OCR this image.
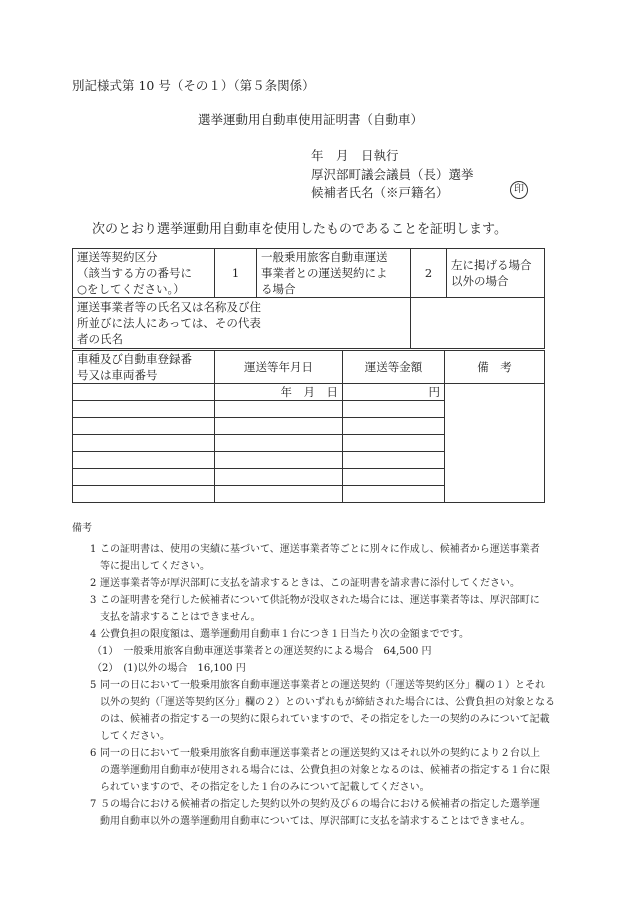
別記様式第 10 号（その１）（第５条関係）
選挙運動用自動車使用証明書（自動車）
年　月　日執行
厚沢部町議会議員（長）選挙
候補者氏名（※戸籍名）	印
次のとおり選挙運動用自動車を使用したものであることを証明します。
運送等契約区分
（該当する方の番号に
○をしてください。）	1	一般乗用旅客自動車運送
事業者との運送契約によ
る場合	2	左に掲げる場合
以外の場合
運送事業者等の氏名又は名称及び住
所並びに法人にあっては、その代表
者の氏名				
車種及び自動車登録番
号又は車両番号	運送等年月日	運送等金額	備　考
	年　月　日	円	

備考
1 この証明書は、使用の実績に基づいて、運送事業者等ごとに別々に作成し、候補者から運送事業者
等に提出してください。
2 運送事業者等が厚沢部町に支払を請求するときは、この証明書を請求書に添付してください。
3 この証明書を発行した候補者について供託物が没収された場合には、運送事業者等は、厚沢部町に
支払を請求することはできません。
4 公費負担の限度額は、選挙運動用自動車１台につき１日当たり次の金額までです。
（1）　一般乗用旅客自動車運送事業者との運送契約による場合　64,500 円
（2）　(1)以外の場合　16,100 円
5 同一の日において一般乗用旅客自動車運送事業者との運送契約（「運送等契約区分」欄の１）とそれ
以外の契約（「運送等契約区分」欄の２）とのいずれもが締結された場合には、公費負担の対象となる
のは、候補者の指定する一の契約に限られていますので、その指定をした一の契約のみについて記載
してください。
6 同一の日において一般乗用旅客自動車運送事業者との運送契約又はそれ以外の契約により２台以上
の選挙運動用自動車が使用される場合には、公費負担の対象となるのは、候補者の指定する１台に限
られていますので、その指定をした１台のみについて記載してください。
7 ５の場合における候補者の指定した契約以外の契約及び６の場合における候補者の指定した選挙運
動用自動車以外の選挙運動用自動車については、厚沢部町に支払を請求することはできません。
